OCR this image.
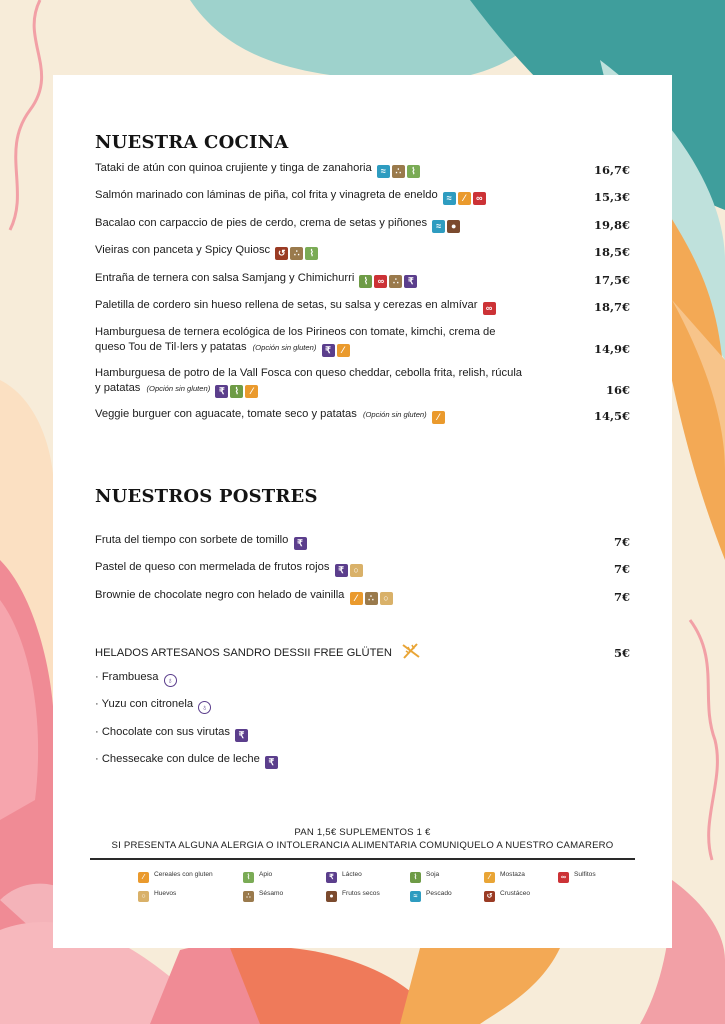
NUESTRA COCINA
Tataki de atún con quinoa crujiente y tinga de zanahoria ≈ ∴ ⌇	16,7€
Salmón marinado con láminas de piña, col frita y vinagreta de eneldo ≈ ⁄ ∞	15,3€
Bacalao con carpaccio de pies de cerdo, crema de setas y piñones ≈ ●	19,8€
Vieiras con panceta y Spicy Quiosc ↺ ∴ ⌇	18,5€
Entraña de ternera con salsa Samjang y Chimichurri ⌇ ∞ ∴ ₹	17,5€
Paletilla de cordero sin hueso rellena de setas, su salsa y cerezas en almívar ∞	18,7€
Hamburguesa de ternera ecológica de los Pirineos con tomate, kimchi, crema de
queso Tou de Til·lers y patatas (Opción sin gluten) ₹ ⁄	14,9€
Hamburguesa de potro de la Vall Fosca con queso cheddar, cebolla frita, relish, rúcula
y patatas (Opción sin gluten) ₹ ⌇ ⁄	16€
Veggie burguer con aguacate, tomate seco y patatas (Opción sin gluten) ⁄	14,5€
NUESTROS POSTRES
Fruta del tiempo con sorbete de tomillo ₹	7€
Pastel de queso con mermelada de frutos rojos ₹ ○	7€
Brownie de chocolate negro con helado de vainilla ⁄ ∴ ○	7€
HELADOS ARTESANOS SANDRO DESSII FREE GLÜTEN	5€
· Frambuesa ♁
· Yuzu con citronela ♁
· Chocolate con sus virutas ₹
· Chessecake con dulce de leche ₹
PAN 1,5€ SUPLEMENTOS 1 €
SI PRESENTA ALGUNA ALERGIA O INTOLERANCIA ALIMENTARIA COMUNIQUELO A NUESTRO CAMARERO
⁄ Cereales con gluten	⌇ Apio	₹ Lácteo	⌇ Soja	⁄ Mostaza	∞ Sulfitos
○ Huevos	∴ Sésamo	● Frutos secos	≈ Pescado	↺ Crustáceo
